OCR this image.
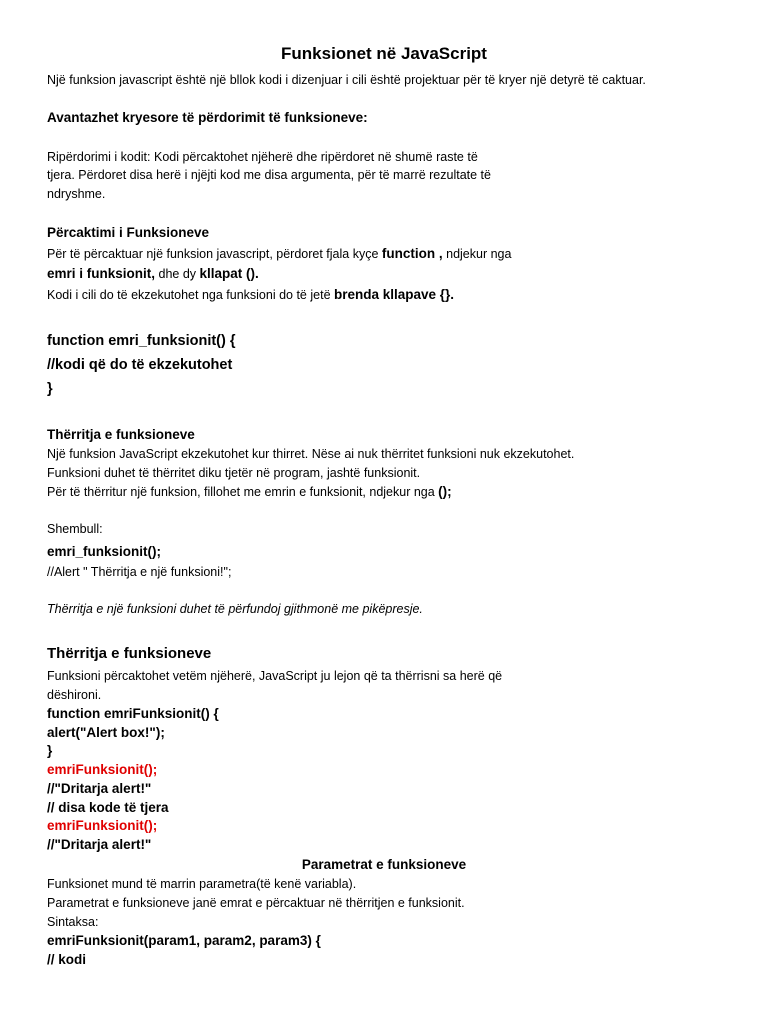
Funksionet në JavaScript
Një funksion javascript është një bllok kodi i dizenjuar i cili është projektuar për të kryer një detyrë të caktuar.
Avantazhet kryesore të përdorimit të funksioneve:
Ripërdorimi i kodit: Kodi përcaktohet njëherë dhe ripërdoret në shumë raste të
tjera. Përdoret disa herë i njëjti kod me disa argumenta, për të marrë rezultate të
ndryshme.
Përcaktimi i Funksioneve
Për të përcaktuar një funksion javascript, përdoret fjala kyçe function , ndjekur nga
emri i funksionit, dhe dy kllapat ().
Kodi i cili do të ekzekutohet nga funksioni do të jetë brenda kllapave {}.
function emri_funksionit() {
//kodi që do të ekzekutohet
}
Thërritja e funksioneve
Një funksion JavaScript ekzekutohet kur thirret. Nëse ai nuk thërritet funksioni nuk ekzekutohet.
Funksioni duhet të thërritet diku tjetër në program, jashtë funksionit.
Për të thërritur një funksion, fillohet me emrin e funksionit, ndjekur nga ();
Shembull:
emri_funksionit();
//Alert " Thërritja e një funksioni!";
Thërritja e një funksioni duhet të përfundoj gjithmonë me pikëpresje.
Thërritja e funksioneve
Funksioni përcaktohet vetëm njëherë, JavaScript ju lejon që ta thërrisni sa herë që
dëshironi.
function emriFunksionit() {
alert("Alert box!");
}
emriFunksionit();
//"Dritarja alert!"
// disa kode të tjera
emriFunksionit();
//"Dritarja alert!"
Parametrat e funksioneve
Funksionet mund të marrin parametra(të kenë variabla).
Parametrat e funksioneve janë emrat e përcaktuar në thërritjen e funksionit.
Sintaksa:
emriFunksionit(param1, param2, param3) {
// kodi
